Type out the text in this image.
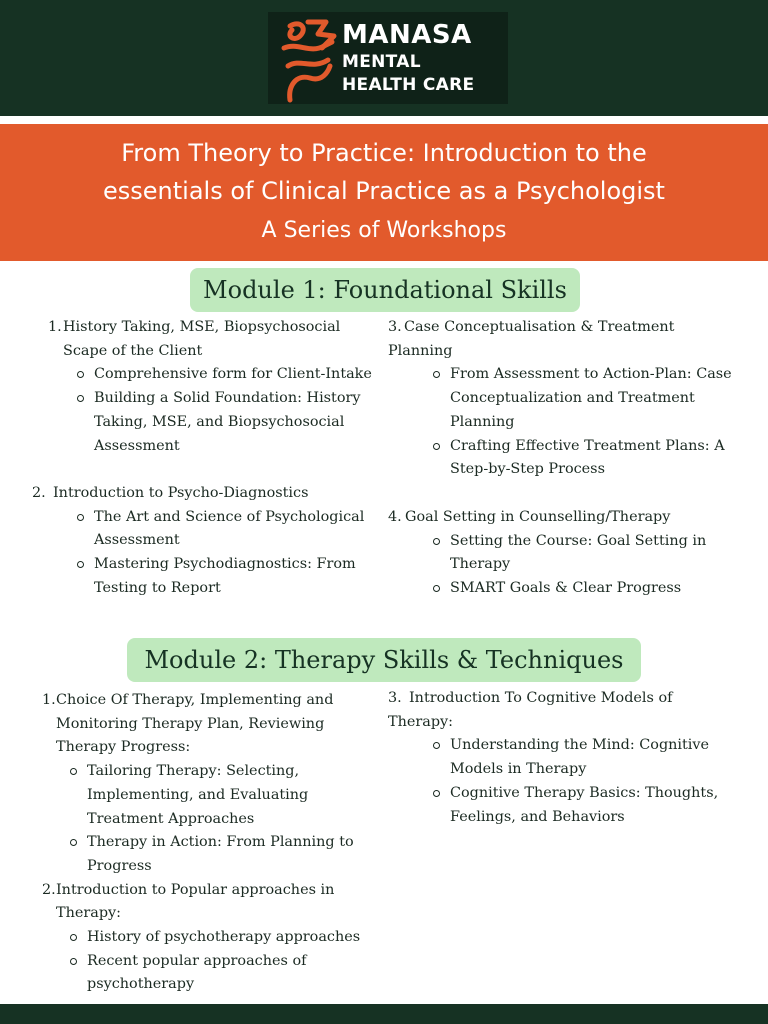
MANASA
MENTAL
HEALTH CARE
From Theory to Practice: Introduction to the
essentials of Clinical Practice as a Psychologist
A Series of Workshops
Module 1: Foundational Skills
1. History Taking, MSE, Biopsychosocial
Scape of the Client
Comprehensive form for Client-Intake
Building a Solid Foundation: History
Taking, MSE, and Biopsychosocial
Assessment
2. Introduction to Psycho-Diagnostics
The Art and Science of Psychological
Assessment
Mastering Psychodiagnostics: From
Testing to Report
3. Case Conceptualisation & Treatment
Planning
From Assessment to Action-Plan: Case
Conceptualization and Treatment
Planning
Crafting Effective Treatment Plans: A
Step-by-Step Process
4. Goal Setting in Counselling/Therapy
Setting the Course: Goal Setting in
Therapy
SMART Goals & Clear Progress
Module 2: Therapy Skills & Techniques
1. Choice Of Therapy, Implementing and
Monitoring Therapy Plan, Reviewing
Therapy Progress:
Tailoring Therapy: Selecting,
Implementing, and Evaluating
Treatment Approaches
Therapy in Action: From Planning to
Progress
2. Introduction to Popular approaches in
Therapy:
History of psychotherapy approaches
Recent popular approaches of
psychotherapy
3. Introduction To Cognitive Models of
Therapy:
Understanding the Mind: Cognitive
Models in Therapy
Cognitive Therapy Basics: Thoughts,
Feelings, and Behaviors
